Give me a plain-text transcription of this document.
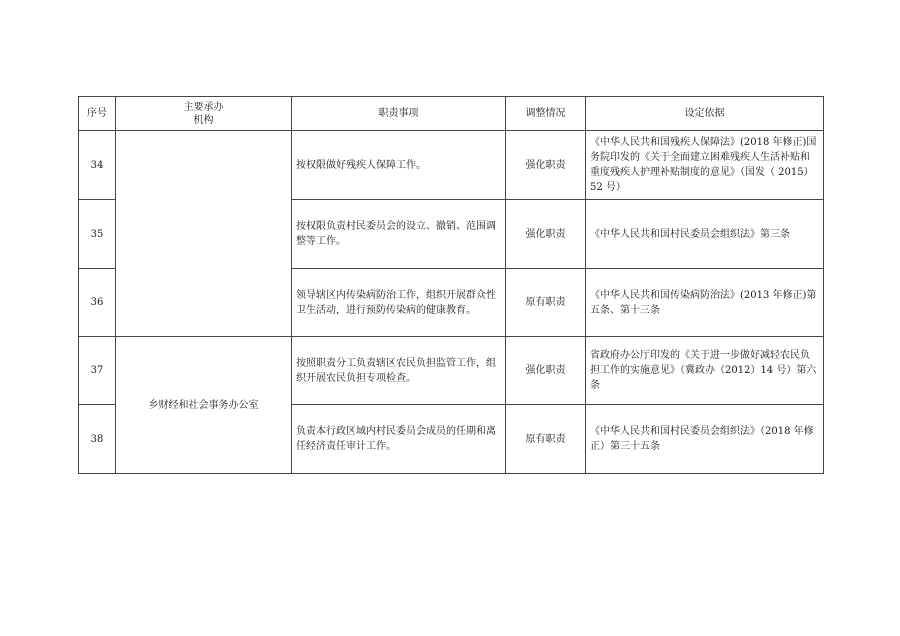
序号	主要承办
机构	职责事项	调整情况	设定依据
34		按权限做好残疾人保障工作。	强化职责	《中华人民共和国残疾人保障法》(2018 年修正)国务院印发的《关于全面建立困难残疾人生活补贴和重度残疾人护理补贴制度的意见》（国发（ 2015）52 号）
35		按权限负责村民委员会的设立、撤销、范围调整等工作。	强化职责	《中华人民共和国村民委员会组织法》第三条
36		领导辖区内传染病防治工作，组织开展群众性卫生活动，进行预防传染病的健康教育。	原有职责	《中华人民共和国传染病防治法》(2013 年修正)第五条、第十三条
37	乡财经和社会事务办公室	按照职责分工负责辖区农民负担监管工作，组织开展农民负担专项检查。	强化职责	省政府办公厅印发的《关于进一步做好减轻农民负担工作的实施意见》（冀政办（2012）14 号）第六条
38		负责本行政区域内村民委员会成员的任期和离任经济责任审计工作。	原有职责	《中华人民共和国村民委员会组织法》（2018 年修正）第三十五条
